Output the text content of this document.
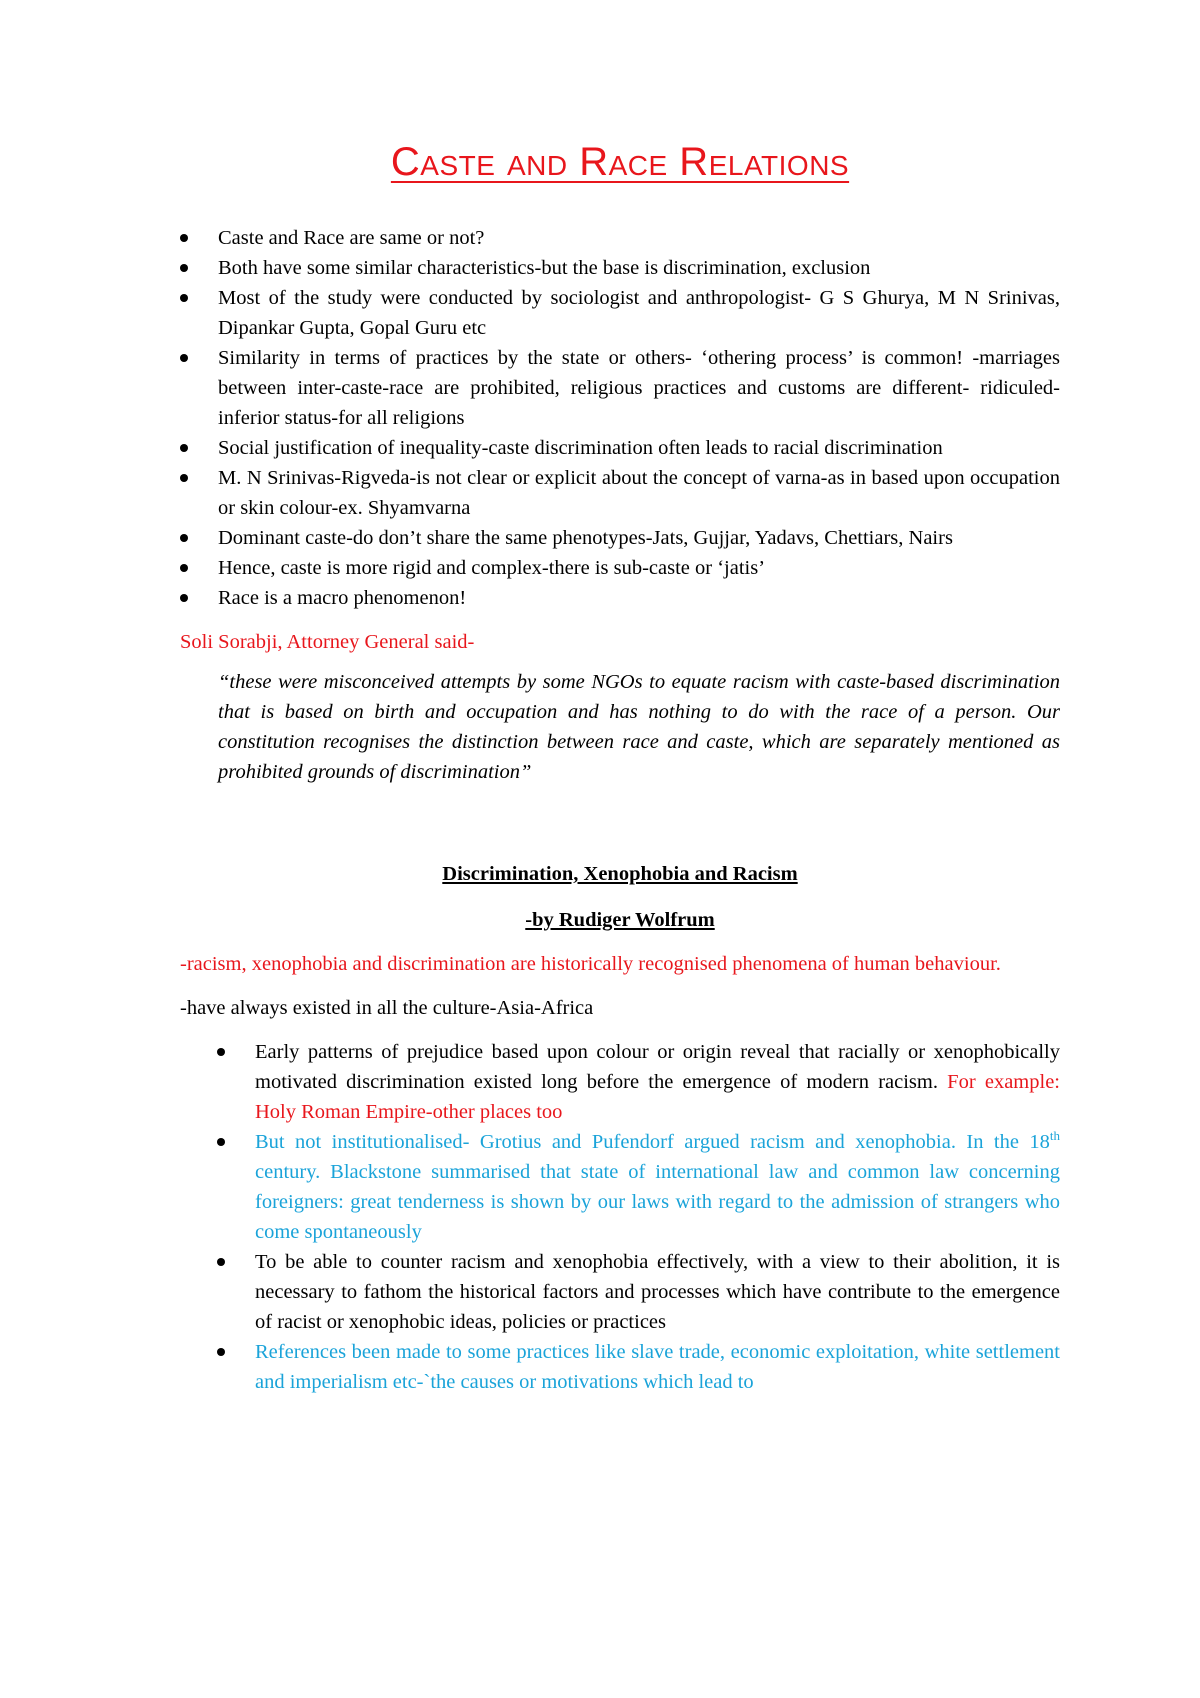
Caste and Race Relations
Caste and Race are same or not?
Both have some similar characteristics-but the base is discrimination, exclusion
Most of the study were conducted by sociologist and anthropologist- G S Ghurya, M N Srinivas, Dipankar Gupta, Gopal Guru etc
Similarity in terms of practices by the state or others- ‘othering process’ is common! -marriages between inter-caste-race are prohibited, religious practices and customs are different- ridiculed- inferior status-for all religions
Social justification of inequality-caste discrimination often leads to racial discrimination
M. N Srinivas-Rigveda-is not clear or explicit about the concept of varna-as in based upon occupation or skin colour-ex. Shyamvarna
Dominant caste-do don’t share the same phenotypes-Jats, Gujjar, Yadavs, Chettiars, Nairs
Hence, caste is more rigid and complex-there is sub-caste or ‘jatis’
Race is a macro phenomenon!
Soli Sorabji, Attorney General said-
“these were misconceived attempts by some NGOs to equate racism with caste-based discrimination that is based on birth and occupation and has nothing to do with the race of a person. Our constitution recognises the distinction between race and caste, which are separately mentioned as prohibited grounds of discrimination”
Discrimination, Xenophobia and Racism
-by Rudiger Wolfrum
-racism, xenophobia and discrimination are historically recognised phenomena of human behaviour.
-have always existed in all the culture-Asia-Africa
Early patterns of prejudice based upon colour or origin reveal that racially or xenophobically motivated discrimination existed long before the emergence of modern racism. For example: Holy Roman Empire-other places too
But not institutionalised- Grotius and Pufendorf argued racism and xenophobia. In the 18th century. Blackstone summarised that state of international law and common law concerning foreigners: great tenderness is shown by our laws with regard to the admission of strangers who come spontaneously
To be able to counter racism and xenophobia effectively, with a view to their abolition, it is necessary to fathom the historical factors and processes which have contribute to the emergence of racist or xenophobic ideas, policies or practices
References been made to some practices like slave trade, economic exploitation, white settlement and imperialism etc-`the causes or motivations which lead to
